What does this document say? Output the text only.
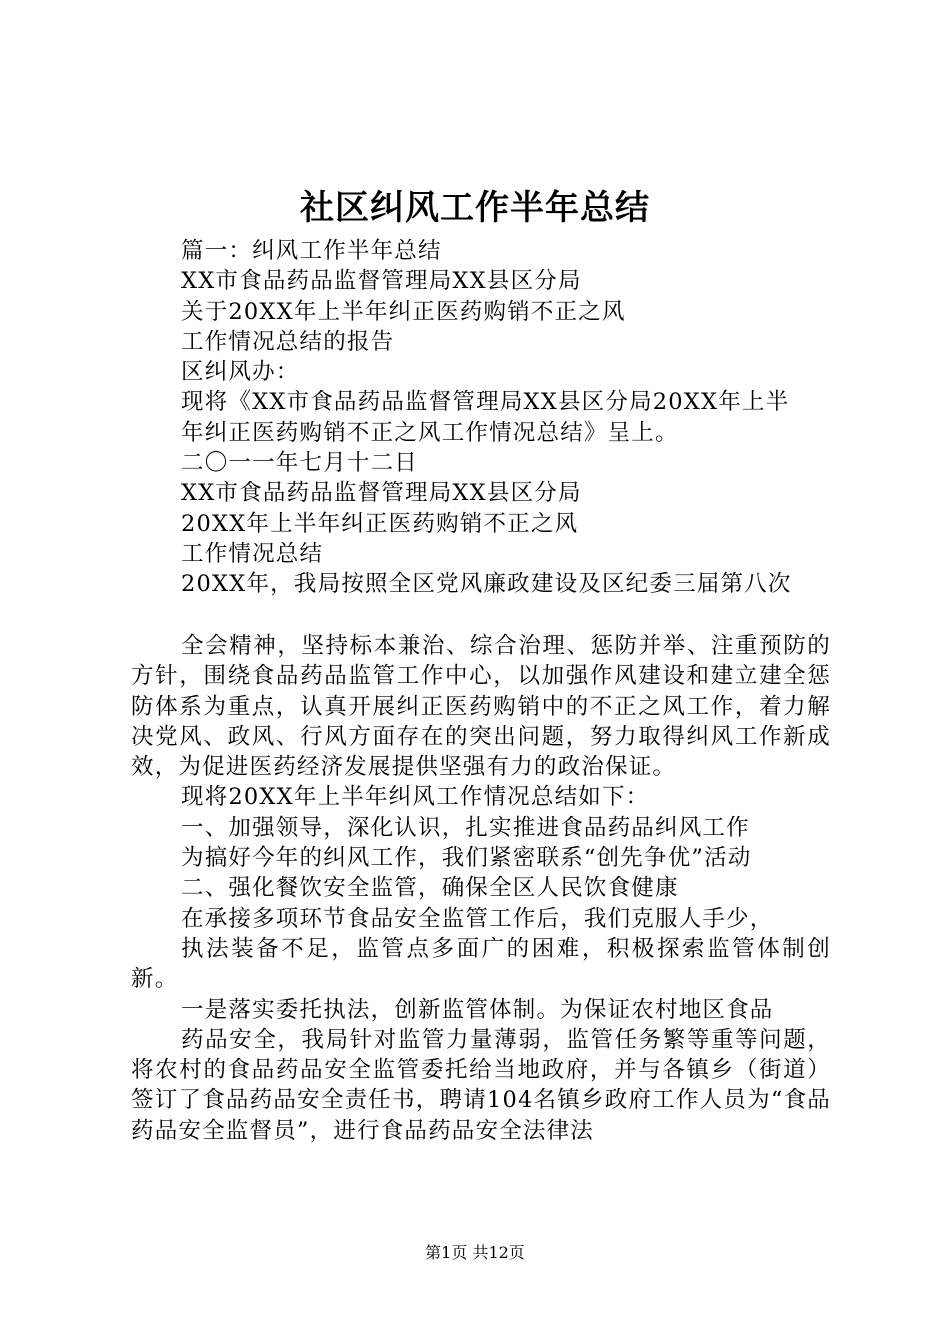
社区纠风工作半年总结

篇一：纠风工作半年总结

XX市食品药品监督管理局XX县区分局

关于20XX年上半年纠正医药购销不正之风

工作情况总结的报告

区纠风办：

现将《XX市食品药品监督管理局XX县区分局20XX年上半

年纠正医药购销不正之风工作情况总结》呈上。

二〇一一年七月十二日

XX市食品药品监督管理局XX县区分局

20XX年上半年纠正医药购销不正之风

工作情况总结

20XX年，我局按照全区党风廉政建设及区纪委三届第八次

全会精神，坚持标本兼治、综合治理、惩防并举、注重预防的方针，围绕食品药品监管工作中心，以加强作风建设和建立建全惩防体系为重点，认真开展纠正医药购销中的不正之风工作，着力解决党风、政风、行风方面存在的突出问题，努力取得纠风工作新成效，为促进医药经济发展提供坚强有力的政治保证。

现将20XX年上半年纠风工作情况总结如下：

一、加强领导，深化认识，扎实推进食品药品纠风工作

为搞好今年的纠风工作，我们紧密联系“创先争优”活动

二、强化餐饮安全监管，确保全区人民饮食健康

在承接多项环节食品安全监管工作后，我们克服人手少，

执法装备不足，监管点多面广的困难，积极探索监管体制创新。

一是落实委托执法，创新监管体制。为保证农村地区食品

药品安全，我局针对监管力量薄弱，监管任务繁等重等问题，将农村的食品药品安全监管委托给当地政府，并与各镇乡（街道）签订了食品药品安全责任书，聘请104名镇乡政府工作人员为“食品药品安全监督员”，进行食品药品安全法律法

第1页 共12页
